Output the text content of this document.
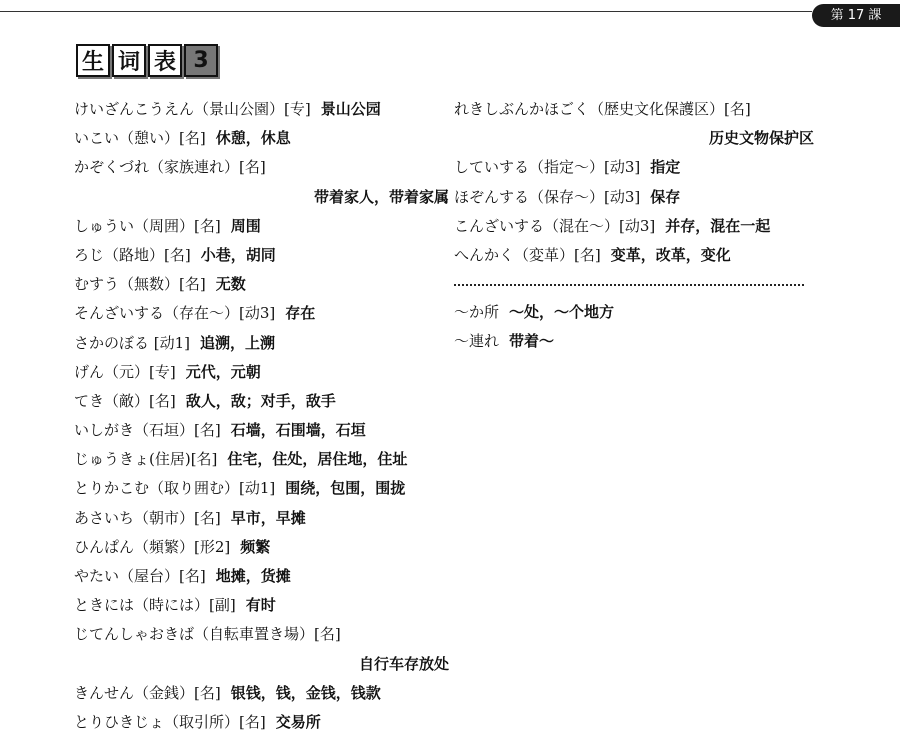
第 17 課
生 词 表 3
けいざんこうえん（景山公園）[专] 景山公园
いこい（憩い）[名] 休憩，休息
かぞくづれ（家族連れ）[名]
带着家人，带着家属
しゅうい（周囲）[名] 周围
ろじ（路地）[名] 小巷，胡同
むすう（無数）[名] 无数
そんざいする（存在〜）[动3] 存在
さかのぼる [动1] 追溯，上溯
げん（元）[专] 元代，元朝
てき（敵）[名] 敌人，敌；对手，敌手
いしがき（石垣）[名] 石墙，石围墙，石垣
じゅうきょ(住居)[名] 住宅，住处，居住地，住址
とりかこむ（取り囲む）[动1] 围绕，包围，围拢
あさいち（朝市）[名] 早市，早摊
ひんぱん（頻繁）[形2] 频繁
やたい（屋台）[名] 地摊，货摊
ときには（時には）[副] 有时
じてんしゃおきば（自転車置き場）[名]
自行车存放处
きんせん（金銭）[名] 银钱，钱，金钱，钱款
とりひきじょ（取引所）[名] 交易所
れきしぶんかほごく（歴史文化保護区）[名]
历史文物保护区
していする（指定〜）[动3] 指定
ほぞんする（保存〜）[动3] 保存
こんざいする（混在〜）[动3] 并存，混在一起
へんかく（変革）[名] 变革，改革，变化
〜か所 〜处，〜个地方
〜連れ 带着〜
